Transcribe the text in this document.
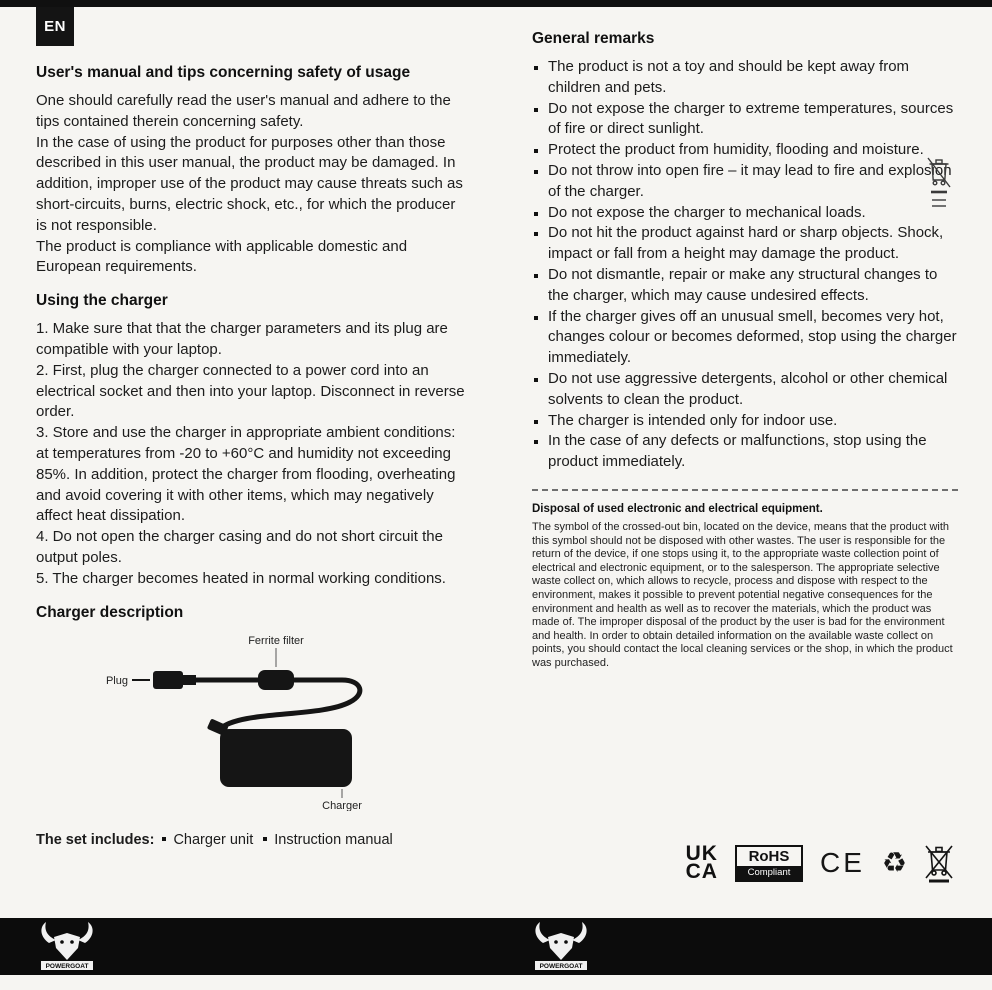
EN
User's manual and tips concerning safety of usage

One should carefully read the user's manual and adhere to the tips contained therein concerning safety.

In the case of using the product for purposes other than those described in this user manual, the product may be damaged. In addition, improper use of the product may cause threats such as short-circuits, burns, electric shock, etc., for which the producer is not responsible.

The product is compliance with applicable domestic and European requirements.

Using the charger

1. Make sure that that the charger parameters and its plug are compatible with your laptop.

2. First, plug the charger connected to a power cord into an electrical socket and then into your laptop. Disconnect in reverse order.

3. Store and use the charger in appropriate ambient conditions: at temperatures from -20 to +60°C and humidity not exceeding 85%. In addition, protect the charger from flooding, overheating and avoid covering it with other items, which may negatively affect heat dissipation.

4. Do not open the charger casing and do not short circuit the output poles.

5. The charger becomes heated in normal working conditions.

Charger description
Ferrite filter
Plug
Charger

The set includes: Charger unit Instruction manual

General remarks
▪ The product is not a toy and should be kept away from children and pets.
▪ Do not expose the charger to extreme temperatures, sources of fire or direct sunlight.
▪ Protect the product from humidity, flooding and moisture.
▪ Do not throw into open fire – it may lead to fire and explosion of the charger.
▪ Do not expose the charger to mechanical loads.
▪ Do not hit the product against hard or sharp objects. Shock, impact or fall from a height may damage the product.
▪ Do not dismantle, repair or make any structural changes to the charger, which may cause undesired effects.
▪ If the charger gives off an unusual smell, becomes very hot, changes colour or becomes deformed, stop using the charger immediately.
▪ Do not use aggressive detergents, alcohol or other chemical solvents to clean the product.
▪ The charger is intended only for indoor use.
▪ In the case of any defects or malfunctions, stop using the product immediately.
Disposal of used electronic and electrical equipment.

The symbol of the crossed-out bin, located on the device, means that the product with this symbol should not be disposed with other wastes. The user is responsible for the return of the device, if one stops using it, to the appropriate waste collection point of electrical and electronic equipment, or to the salesperson. The appropriate selective waste collect on, which allows to recycle, process and dispose with respect to the environment, makes it possible to prevent potential negative consequences for the environment and health as well as to recover the materials, which the product was made of. The improper disposal of the product by the user is bad for the environment and health. In order to obtain detailed information on the available waste collect on points, you should contact the local cleaning services or the shop, in which the product was purchased.

UK
CA
RoHS
Compliant	CE ♻
POWERGOAT	POWERGOAT
